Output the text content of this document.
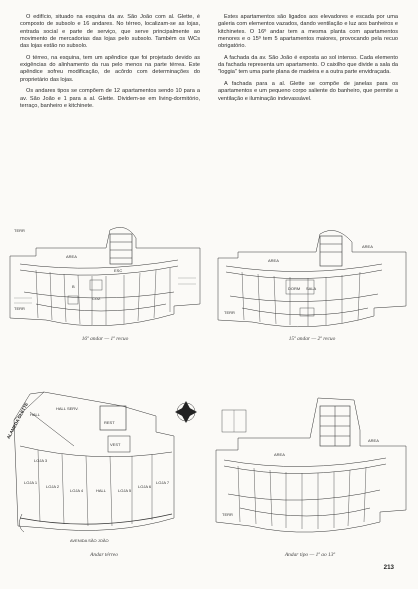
O edifício, situado na esquina da av. São João com al. Glette, é composto de subsolo e 16 andares. No térreo, localizam-se as lojas, entrada social e parte de serviço, que serve principalmente ao movimento de mercadorias das lojas pelo subsolo. Também os WCs das lojas estão no subsolo.

O térreo, na esquina, tem um apêndice que foi projetado devido as exigências do alinhamento da rua pelo menos na parte térrea. Este apêndice sofreu modificação, de acôrdo com determinações do proprietário das lojas.

Os andares tipos se compõem de 12 apartamentos sendo 10 para a av. São João e 1 para a al. Glette. Dividem-se em living-dormitório, terraço, banheiro e kitchinete.

Estes apartamentos são ligados aos elevadores e escada por uma galeria com elementos vazados, dando ventilação e luz aos banheiros e kitchinetes. O 16º andar tem a mesma planta com apartamentos menores e o 15º tem 5 apartamentos maiores, provocando pela recuo obrigatório.

A fachada da av. São João é exposta ao sol intenso. Cada elemento da fachada representa um apartamento. O caixilho que divide a sala da "loggia" tem uma parte plana de madeira e a outra parte envidraçada.

A fachada para a al. Glette se compõe de janelas para os apartamentos e um pequeno corpo saliente do banheiro, que permite a ventilação e iluminação indevassável.

AREA
TERR
TERR
ESC
COZ
B
16º andar — 1º recuo
AREA
AREA
DORM SALA
TERR
15º andar — 2º recuo
HALL
HALL SERV.
REST
VEST
LOJA 1
LOJA 2
LOJA 3
LOJA 4	HALL	LOJA 5
LOJA 6
LOJA 7
ALAMEDA GLETTE
AVENIDA SÃO JOÃO
Andar térreo
AREA
AREA
TERR
Andar tipo — 1º ao 13º
213
